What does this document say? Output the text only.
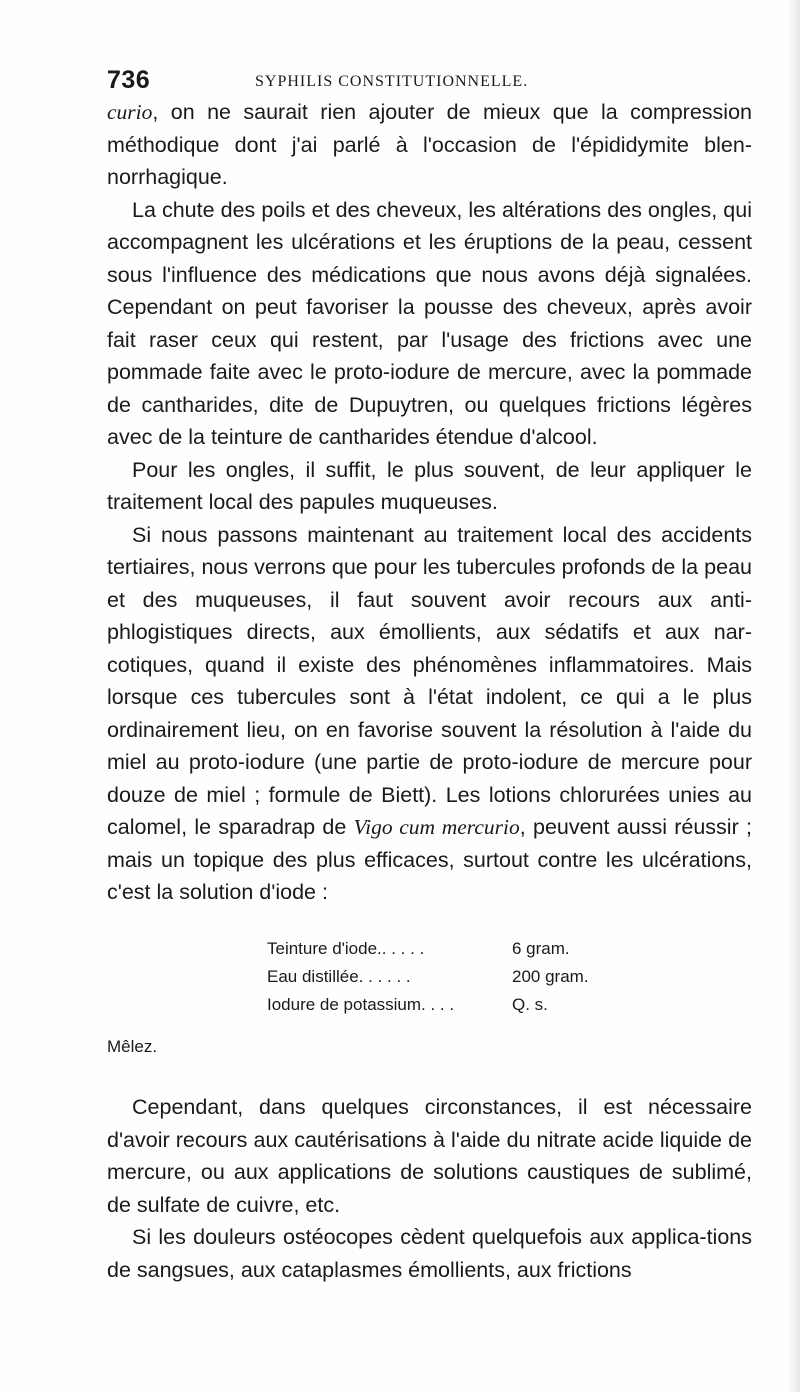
736	SYPHILIS CONSTITUTIONNELLE.

curio, on ne saurait rien ajouter de mieux que la compression méthodique dont j'ai parlé à l'occasion de l'épididymite blen-norrhagique.

La chute des poils et des cheveux, les altérations des ongles, qui accompagnent les ulcérations et les éruptions de la peau, cessent sous l'influence des médications que nous avons déjà signalées. Cependant on peut favoriser la pousse des cheveux, après avoir fait raser ceux qui restent, par l'usage des frictions avec une pommade faite avec le proto-iodure de mercure, avec la pommade de cantharides, dite de Dupuytren, ou quelques frictions légères avec de la teinture de cantharides étendue d'alcool.

Pour les ongles, il suffit, le plus souvent, de leur appliquer le traitement local des papules muqueuses.

Si nous passons maintenant au traitement local des accidents tertiaires, nous verrons que pour les tubercules profonds de la peau et des muqueuses, il faut souvent avoir recours aux anti-phlogistiques directs, aux émollients, aux sédatifs et aux nar-cotiques, quand il existe des phénomènes inflammatoires. Mais lorsque ces tubercules sont à l'état indolent, ce qui a le plus ordinairement lieu, on en favorise souvent la résolution à l'aide du miel au proto-iodure (une partie de proto-iodure de mercure pour douze de miel ; formule de Biett). Les lotions chlorurées unies au calomel, le sparadrap de Vigo cum mercurio, peuvent aussi réussir ; mais un topique des plus efficaces, surtout contre les ulcérations, c'est la solution d'iode :

Teinture d'iode.. . . . .	6 gram.
Eau distillée. . . . . .	200 gram.
Iodure de potassium. . . .	Q. s.
Mêlez.

Cependant, dans quelques circonstances, il est nécessaire d'avoir recours aux cautérisations à l'aide du nitrate acide liquide de mercure, ou aux applications de solutions caustiques de sublimé, de sulfate de cuivre, etc.

Si les douleurs ostéocopes cèdent quelquefois aux applica-tions de sangsues, aux cataplasmes émollients, aux frictions
